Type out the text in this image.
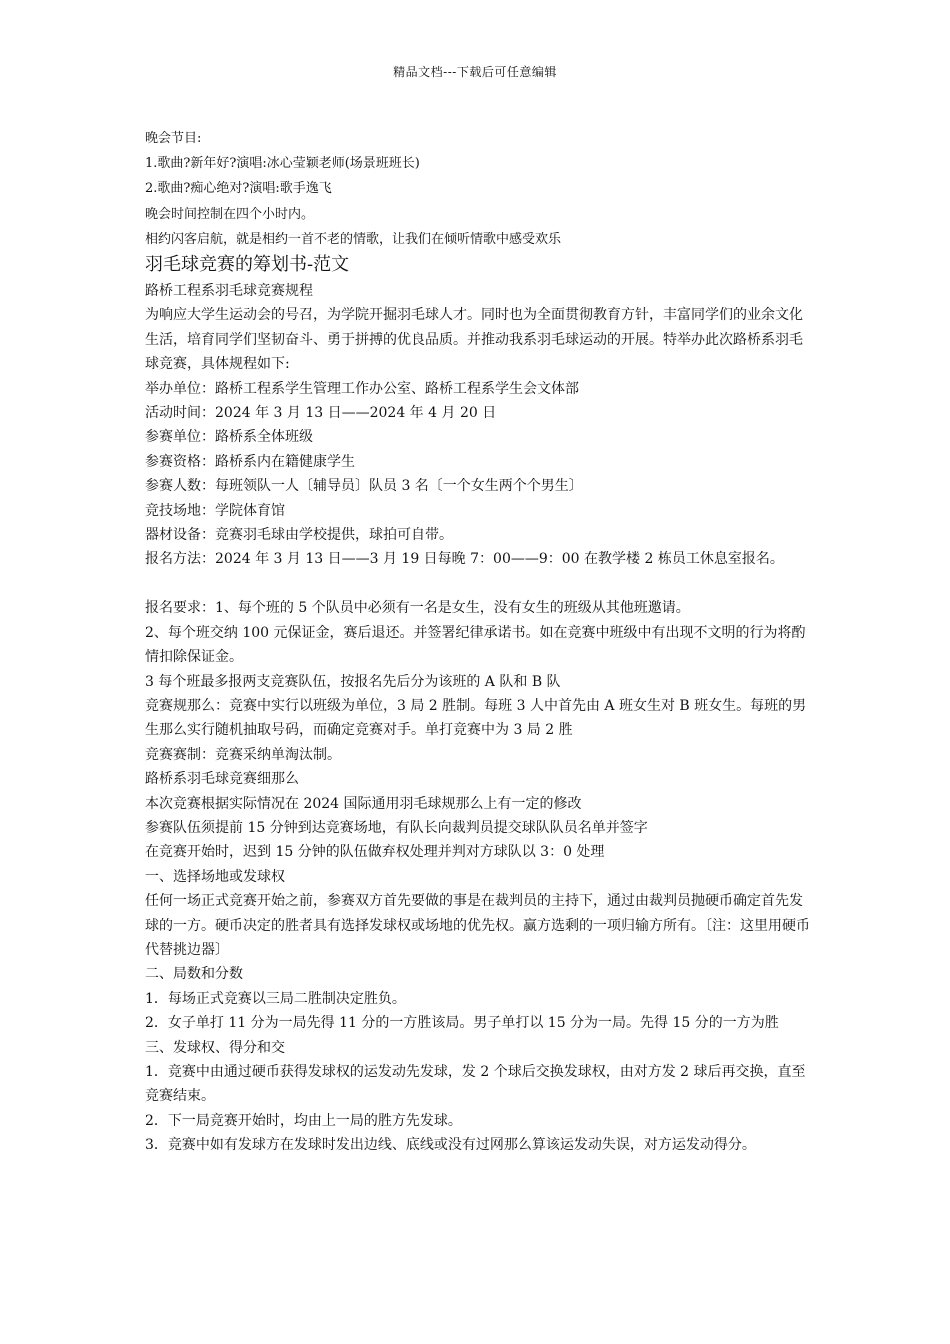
精品文档---下载后可任意编辑
晚会节目:
1.歌曲?新年好?演唱:冰心莹颖老师(场景班班长)
2.歌曲?痴心绝对?演唱:歌手逸飞
晚会时间控制在四个小时内。
相约闪客启航，就是相约一首不老的情歌，让我们在倾听情歌中感受欢乐
羽毛球竞赛的筹划书-范文
路桥工程系羽毛球竞赛规程
为响应大学生运动会的号召，为学院开掘羽毛球人才。同时也为全面贯彻教育方针，丰富同学们的业余文化生活，培育同学们坚韧奋斗、勇于拼搏的优良品质。并推动我系羽毛球运动的开展。特举办此次路桥系羽毛球竞赛，具体规程如下:
举办单位：路桥工程系学生管理工作办公室、路桥工程系学生会文体部
活动时间：2024 年 3 月 13 日——2024 年 4 月 20 日
参赛单位：路桥系全体班级
参赛资格：路桥系内在籍健康学生
参赛人数：每班领队一人〔辅导员〕队员 3 名〔一个女生两个个男生〕
竞技场地：学院体育馆
器材设备：竞赛羽毛球由学校提供，球拍可自带。
报名方法：2024 年 3 月 13 日——3 月 19 日每晚 7：00——9：00 在教学楼 2 栋员工休息室报名。
报名要求：1、每个班的 5 个队员中必须有一名是女生，没有女生的班级从其他班邀请。
2、每个班交纳 100 元保证金，赛后退还。并签署纪律承诺书。如在竞赛中班级中有出现不文明的行为将酌情扣除保证金。
3 每个班最多报两支竞赛队伍，按报名先后分为该班的 A 队和 B 队
竞赛规那么：竞赛中实行以班级为单位，3 局 2 胜制。每班 3 人中首先由 A 班女生对 B 班女生。每班的男生那么实行随机抽取号码，而确定竞赛对手。单打竞赛中为 3 局 2 胜
竞赛赛制：竞赛采纳单淘汰制。
路桥系羽毛球竞赛细那么
本次竞赛根据实际情况在 2024 国际通用羽毛球规那么上有一定的修改
参赛队伍须提前 15 分钟到达竞赛场地，有队长向裁判员提交球队队员名单并签字
在竞赛开始时，迟到 15 分钟的队伍做弃权处理并判对方球队以 3：0 处理
一、选择场地或发球权
任何一场正式竞赛开始之前，参赛双方首先要做的事是在裁判员的主持下，通过由裁判员抛硬币确定首先发球的一方。硬币决定的胜者具有选择发球权或场地的优先权。赢方选剩的一项归输方所有。〔注：这里用硬币代替挑边器〕
二、局数和分数
1．每场正式竞赛以三局二胜制决定胜负。
2．女子单打 11 分为一局先得 11 分的一方胜该局。男子单打以 15 分为一局。先得 15 分的一方为胜
三、发球权、得分和交
1．竞赛中由通过硬币获得发球权的运发动先发球，发 2 个球后交换发球权，由对方发 2 球后再交换，直至竞赛结束。
2．下一局竞赛开始时，均由上一局的胜方先发球。
3．竞赛中如有发球方在发球时发出边线、底线或没有过网那么算该运发动失误，对方运发动得分。
